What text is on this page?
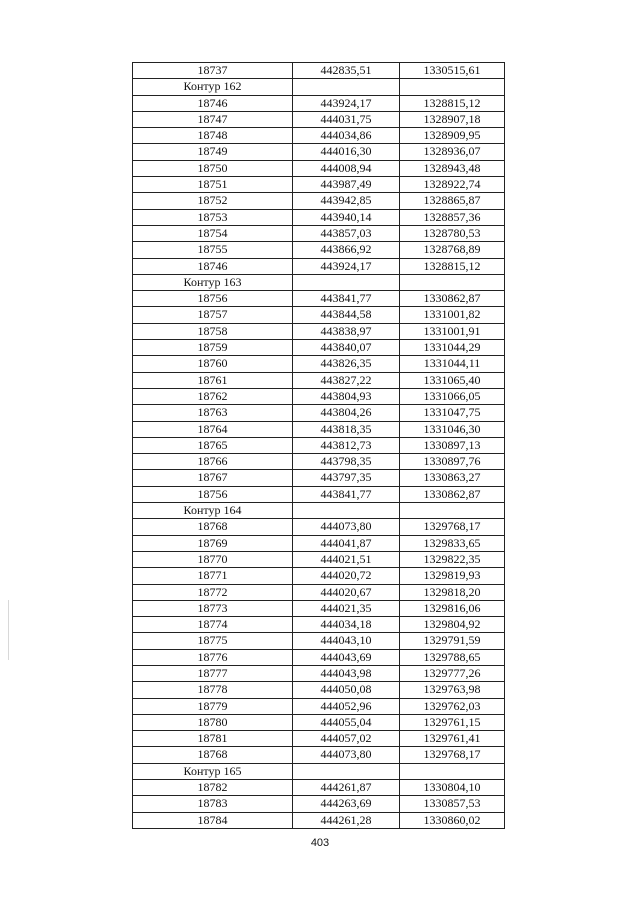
18737	442835,51	1330515,61
Контур 162		
18746	443924,17	1328815,12
18747	444031,75	1328907,18
18748	444034,86	1328909,95
18749	444016,30	1328936,07
18750	444008,94	1328943,48
18751	443987,49	1328922,74
18752	443942,85	1328865,87
18753	443940,14	1328857,36
18754	443857,03	1328780,53
18755	443866,92	1328768,89
18746	443924,17	1328815,12
Контур 163		
18756	443841,77	1330862,87
18757	443844,58	1331001,82
18758	443838,97	1331001,91
18759	443840,07	1331044,29
18760	443826,35	1331044,11
18761	443827,22	1331065,40
18762	443804,93	1331066,05
18763	443804,26	1331047,75
18764	443818,35	1331046,30
18765	443812,73	1330897,13
18766	443798,35	1330897,76
18767	443797,35	1330863,27
18756	443841,77	1330862,87
Контур 164		
18768	444073,80	1329768,17
18769	444041,87	1329833,65
18770	444021,51	1329822,35
18771	444020,72	1329819,93
18772	444020,67	1329818,20
18773	444021,35	1329816,06
18774	444034,18	1329804,92
18775	444043,10	1329791,59
18776	444043,69	1329788,65
18777	444043,98	1329777,26
18778	444050,08	1329763,98
18779	444052,96	1329762,03
18780	444055,04	1329761,15
18781	444057,02	1329761,41
18768	444073,80	1329768,17
Контур 165		
18782	444261,87	1330804,10
18783	444263,69	1330857,53
18784	444261,28	1330860,02
403
